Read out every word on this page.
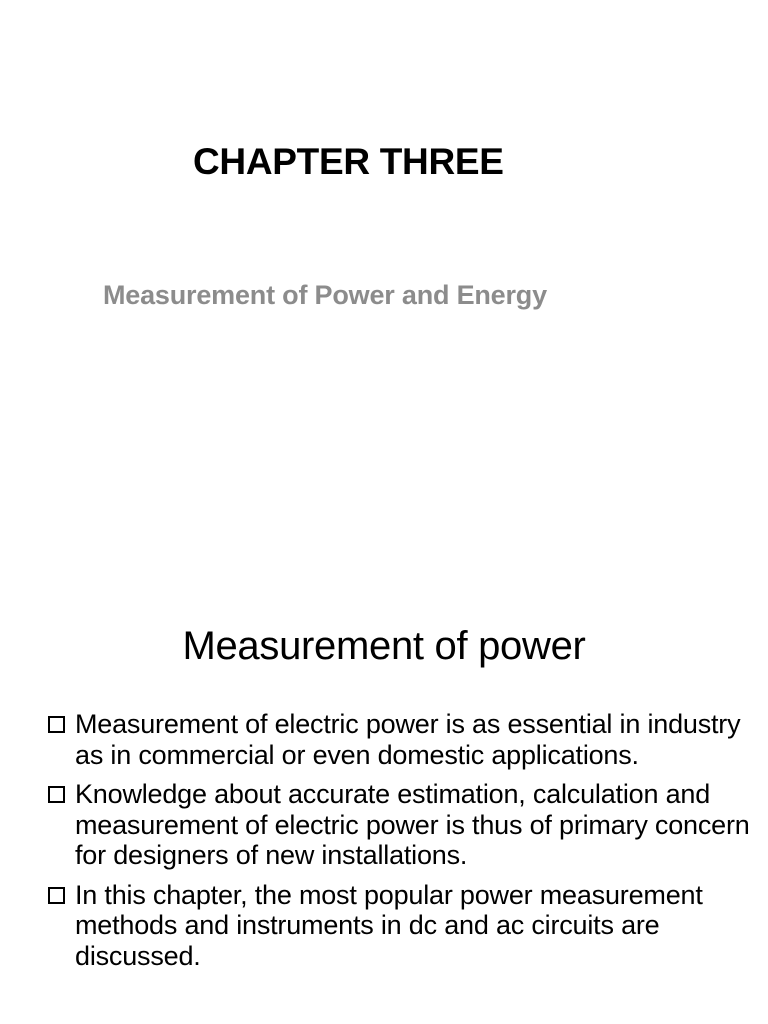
CHAPTER THREE
Measurement of Power and Energy
Measurement of power
Measurement of electric power is as essential in industry as in commercial or even domestic applications.
Knowledge about accurate estimation, calculation and measurement of electric power is thus of primary concern for designers of new installations.
In this chapter, the most popular power measurement methods and instruments in dc and ac circuits are discussed.
